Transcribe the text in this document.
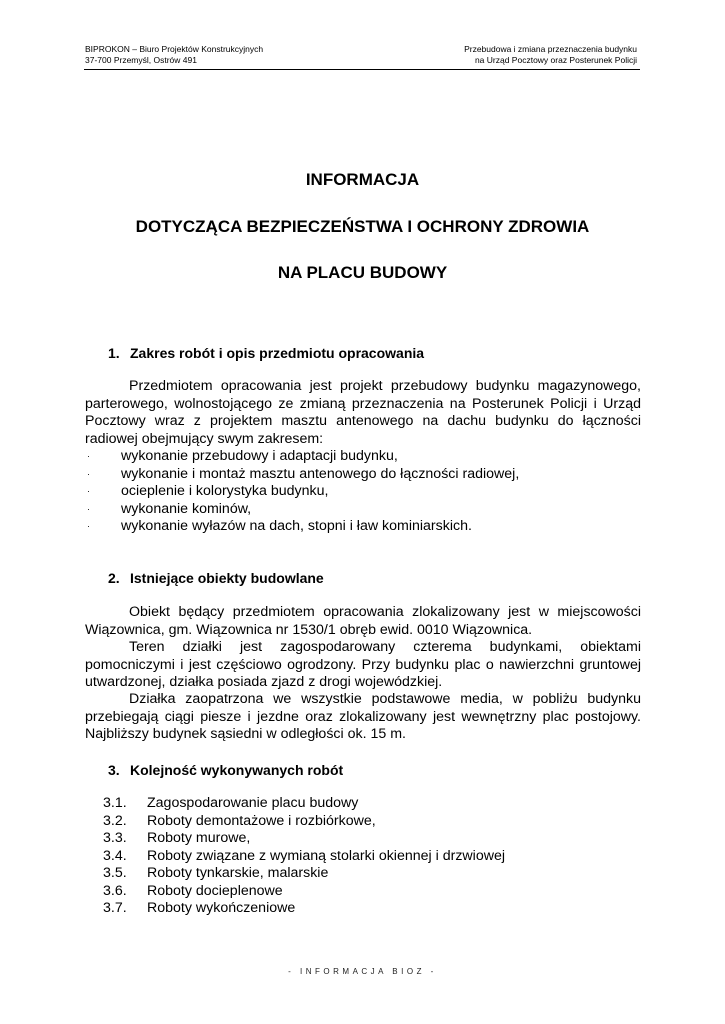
BIPROKON – Biuro Projektów Konstrukcyjnych
37-700 Przemyśl, Ostrów 491
Przebudowa i zmiana przeznaczenia budynku
na Urząd Pocztowy oraz Posterunek Policji
INFORMACJA
DOTYCZĄCA BEZPIECZEŃSTWA I OCHRONY ZDROWIA
NA PLACU BUDOWY
1. Zakres robót i opis przedmiotu opracowania
Przedmiotem opracowania jest projekt przebudowy budynku magazynowego, parterowego, wolnostojącego ze zmianą przeznaczenia na Posterunek Policji i Urząd Pocztowy wraz z projektem masztu antenowego na dachu budynku do łączności radiowej obejmujący swym zakresem:
· wykonanie przebudowy i adaptacji budynku,
· wykonanie i montaż masztu antenowego do łączności radiowej,
· ocieplenie i kolorystyka budynku,
· wykonanie kominów,
· wykonanie wyłazów na dach, stopni i ław kominiarskich.
2. Istniejące obiekty budowlane
Obiekt będący przedmiotem opracowania zlokalizowany jest w miejscowości Wiązownica, gm. Wiązownica nr 1530/1 obręb ewid. 0010 Wiązownica.
Teren działki jest zagospodarowany czterema budynkami, obiektami pomocniczymi i jest częściowo ogrodzony. Przy budynku plac o nawierzchni gruntowej utwardzonej, działka posiada zjazd z drogi wojewódzkiej.
Działka zaopatrzona we wszystkie podstawowe media, w pobliżu budynku przebiegają ciągi piesze i jezdne oraz zlokalizowany jest wewnętrzny plac postojowy. Najbliższy budynek sąsiedni w odległości ok. 15 m.
3. Kolejność wykonywanych robót
3.1. Zagospodarowanie placu budowy
3.2. Roboty demontażowe i rozbiórkowe,
3.3. Roboty murowe,
3.4. Roboty związane z wymianą stolarki okiennej i drzwiowej
3.5. Roboty tynkarskie, malarskie
3.6. Roboty docieplenowe
3.7. Roboty wykończeniowe
- INFORMACJA BIOZ -
